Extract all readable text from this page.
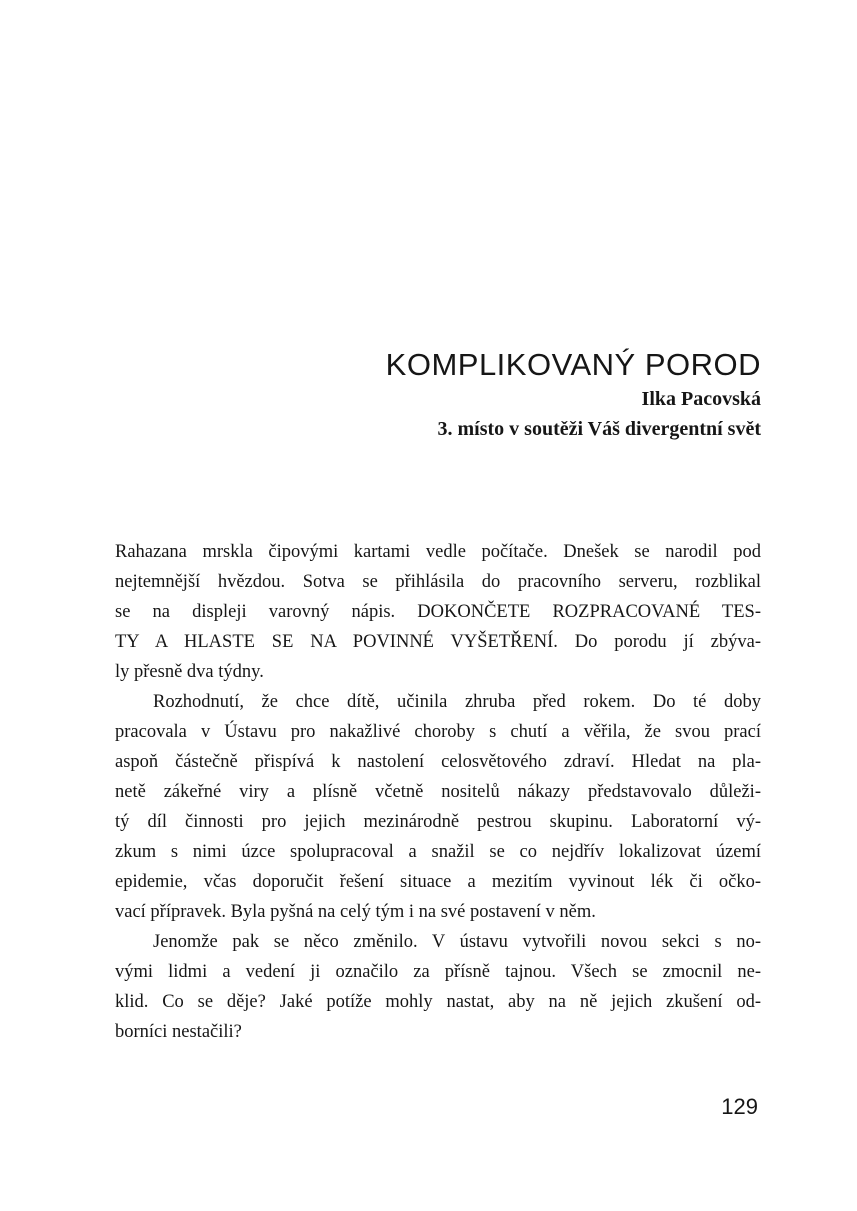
KOMPLIKOVANÝ POROD
Ilka Pacovská
3. místo v soutěži Váš divergentní svět
Rahazana mrskla čipovými kartami vedle počítače. Dnešek se narodil pod
nejtemnější hvězdou. Sotva se přihlásila do pracovního serveru, rozblikal
se na displeji varovný nápis. DOKONČETE ROZPRACOVANÉ TES-
TY A HLASTE SE NA POVINNÉ VYŠETŘENÍ. Do porodu jí zbýva-
ly přesně dva týdny.
Rozhodnutí, že chce dítě, učinila zhruba před rokem. Do té doby
pracovala v Ústavu pro nakažlivé choroby s chutí a věřila, že svou prací
aspoň částečně přispívá k nastolení celosvětového zdraví. Hledat na pla-
netě zákeřné viry a plísně včetně nositelů nákazy představovalo důleži-
tý díl činnosti pro jejich mezinárodně pestrou skupinu. Laboratorní vý-
zkum s nimi úzce spolupracoval a snažil se co nejdřív lokalizovat území
epidemie, včas doporučit řešení situace a mezitím vyvinout lék či očko-
vací přípravek. Byla pyšná na celý tým i na své postavení v něm.
Jenomže pak se něco změnilo. V ústavu vytvořili novou sekci s no-
vými lidmi a vedení ji označilo za přísně tajnou. Všech se zmocnil ne-
klid. Co se děje? Jaké potíže mohly nastat, aby na ně jejich zkušení od-
borníci nestačili?
129
